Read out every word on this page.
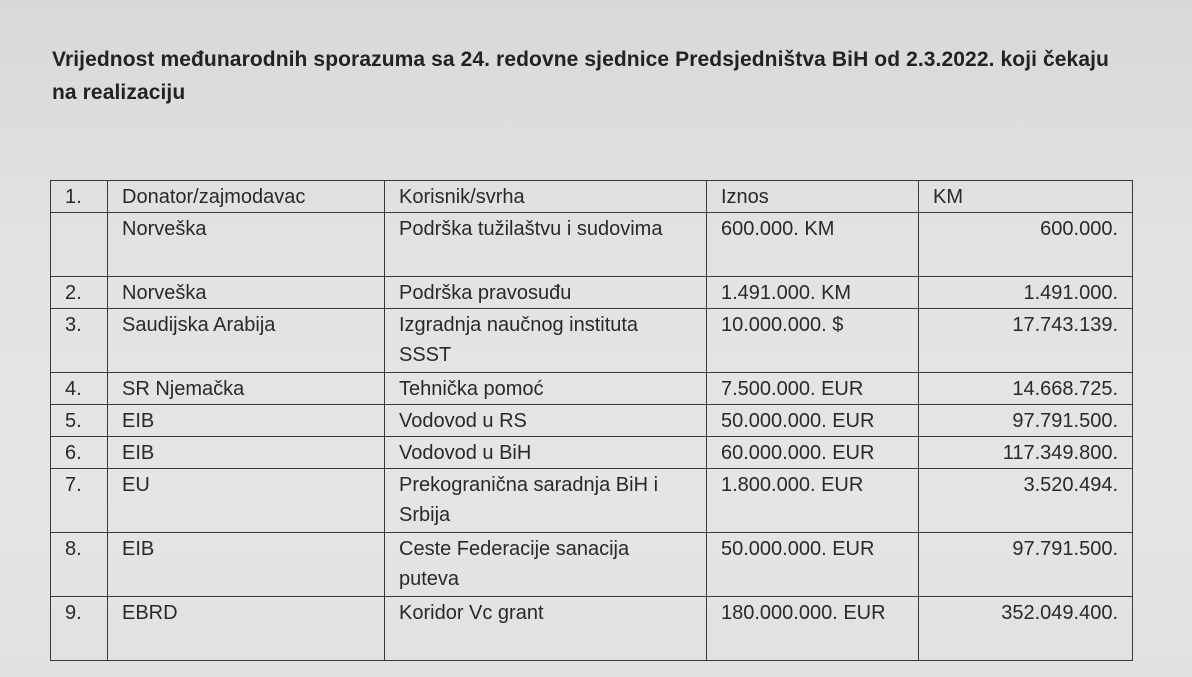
Vrijednost međunarodnih sporazuma sa 24. redovne sjednice Predsjedništva BiH od 2.3.2022. koji čekaju na realizaciju
1.	Donator/zajmodavac	Korisnik/svrha	Iznos	KM
	Norveška	Podrška tužilaštvu i sudovima	600.000. KM	600.000.
2.	Norveška	Podrška pravosuđu	1.491.000. KM	1.491.000.
3.	Saudijska Arabija	Izgradnja naučnog instituta SSST	10.000.000. $	17.743.139.
4.	SR Njemačka	Tehnička pomoć	7.500.000. EUR	14.668.725.
5.	EIB	Vodovod u RS	50.000.000. EUR	97.791.500.
6.	EIB	Vodovod u BiH	60.000.000. EUR	117.349.800.
7.	EU	Prekogranična saradnja BiH i Srbija	1.800.000. EUR	3.520.494.
8.	EIB	Ceste Federacije sanacija puteva	50.000.000. EUR	97.791.500.
9.	EBRD	Koridor Vc grant	180.000.000. EUR	352.049.400.
